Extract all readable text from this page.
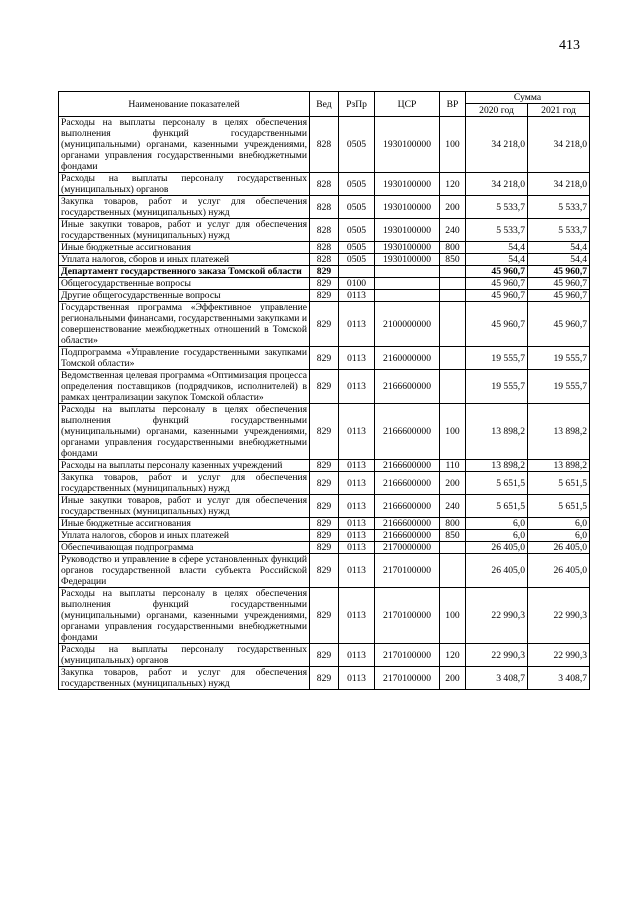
413
Наименование показателей	Вед	РзПр	ЦСР	ВР	Сумма	
					2020 год	2021 год
Расходы на выплаты персоналу в целях обеспечения выполнения функций государственными (муниципальными) органами, казенными учреждениями, органами управления государственными внебюджетными фондами	828	0505	1930100000	100	34 218,0	34 218,0
Расходы на выплаты персоналу государственных (муниципальных) органов	828	0505	1930100000	120	34 218,0	34 218,0
Закупка товаров, работ и услуг для обеспечения государственных (муниципальных) нужд	828	0505	1930100000	200	5 533,7	5 533,7
Иные закупки товаров, работ и услуг для обеспечения государственных (муниципальных) нужд	828	0505	1930100000	240	5 533,7	5 533,7
Иные бюджетные ассигнования	828	0505	1930100000	800	54,4	54,4
Уплата налогов, сборов и иных платежей	828	0505	1930100000	850	54,4	54,4
Департамент государственного заказа Томской области	829				45 960,7	45 960,7
Общегосударственные вопросы	829	0100			45 960,7	45 960,7
Другие общегосударственные вопросы	829	0113			45 960,7	45 960,7
Государственная программа «Эффективное управление региональными финансами, государственными закупками и совершенствование межбюджетных отношений в Томской области»	829	0113	2100000000		45 960,7	45 960,7
Подпрограмма «Управление государственными закупками Томской области»	829	0113	2160000000		19 555,7	19 555,7
Ведомственная целевая программа «Оптимизация процесса определения поставщиков (подрядчиков, исполнителей) в рамках централизации закупок Томской области»	829	0113	2166600000		19 555,7	19 555,7
Расходы на выплаты персоналу в целях обеспечения выполнения функций государственными (муниципальными) органами, казенными учреждениями, органами управления государственными внебюджетными фондами	829	0113	2166600000	100	13 898,2	13 898,2
Расходы на выплаты персоналу казенных учреждений	829	0113	2166600000	110	13 898,2	13 898,2
Закупка товаров, работ и услуг для обеспечения государственных (муниципальных) нужд	829	0113	2166600000	200	5 651,5	5 651,5
Иные закупки товаров, работ и услуг для обеспечения государственных (муниципальных) нужд	829	0113	2166600000	240	5 651,5	5 651,5
Иные бюджетные ассигнования	829	0113	2166600000	800	6,0	6,0
Уплата налогов, сборов и иных платежей	829	0113	2166600000	850	6,0	6,0
Обеспечивающая подпрограмма	829	0113	2170000000		26 405,0	26 405,0
Руководство и управление в сфере установленных функций органов государственной власти субъекта Российской Федерации	829	0113	2170100000		26 405,0	26 405,0
Расходы на выплаты персоналу в целях обеспечения выполнения функций государственными (муниципальными) органами, казенными учреждениями, органами управления государственными внебюджетными фондами	829	0113	2170100000	100	22 990,3	22 990,3
Расходы на выплаты персоналу государственных (муниципальных) органов	829	0113	2170100000	120	22 990,3	22 990,3
Закупка товаров, работ и услуг для обеспечения государственных (муниципальных) нужд	829	0113	2170100000	200	3 408,7	3 408,7
